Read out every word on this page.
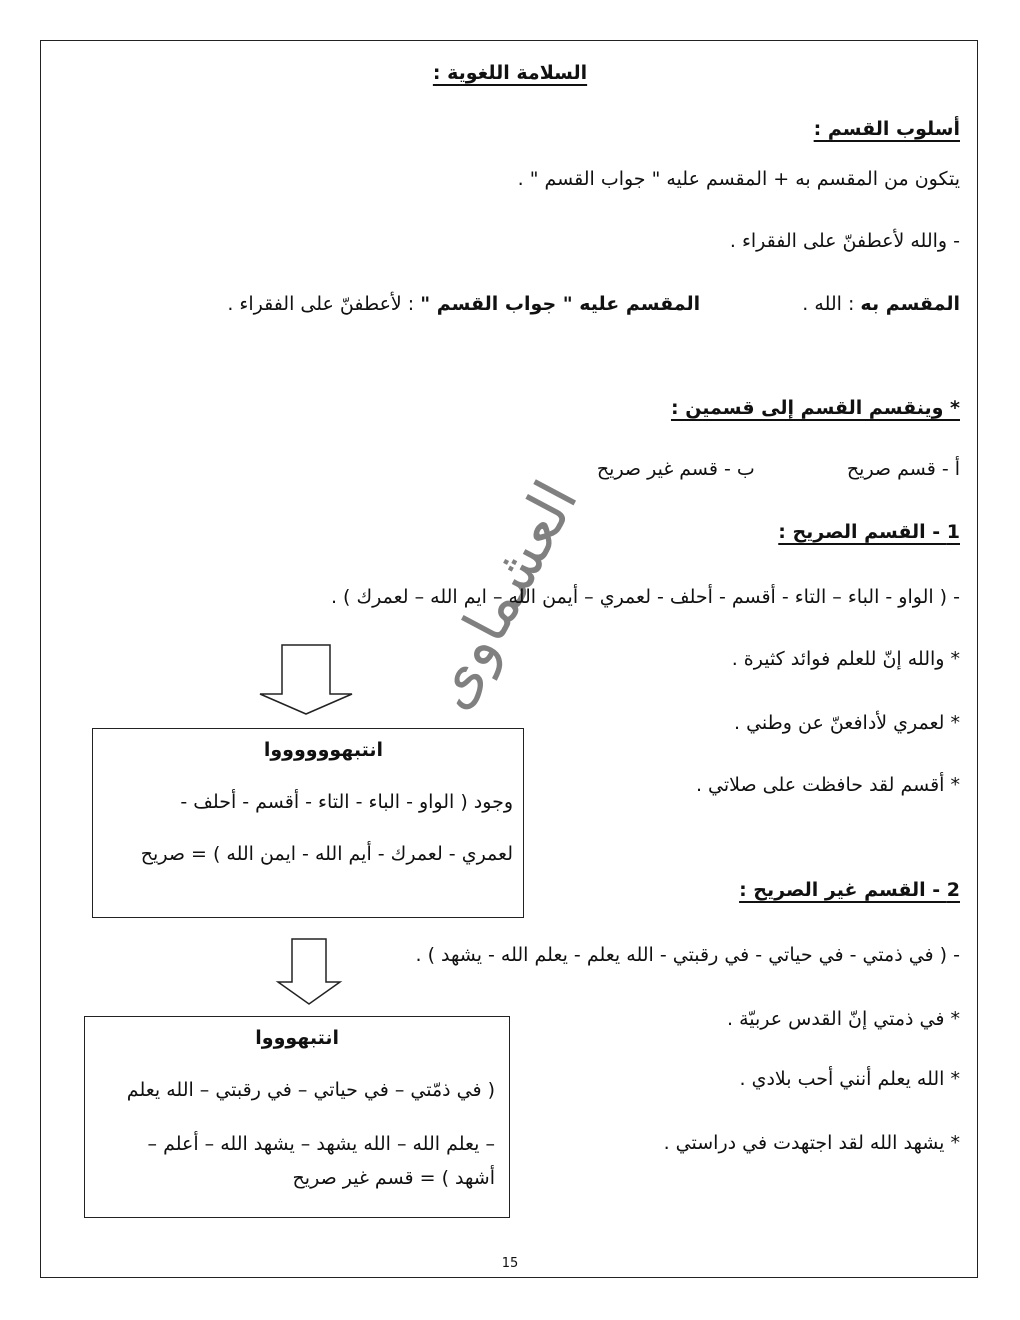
العشماوى
السلامة اللغوية :
أسلوب القسم :
يتكون من المقسم به + المقسم عليه " جواب القسم " .
- والله لأعطفنّ على الفقراء .
المقسم به : الله .  المقسم عليه " جواب القسم " : لأعطفنّ على الفقراء .
* وينقسم القسم إلى قسمين :
أ - قسم صريح  ب - قسم غير صريح
1 - القسم الصريح :
- ( الواو - الباء – التاء - أقسم - أحلف - لعمري – أيمن الله – ايم الله – لعمرك ) .
* والله إنّ للعلم فوائد كثيرة .
* لعمري لأدافعنّ عن وطني .
* أقسم لقد حافظت على صلاتي .
انتبهووووووا
وجود ( الواو - الباء - التاء - أقسم - أحلف -
لعمري - لعمرك - أيم الله - ايمن الله ) = صريح
2 - القسم غير الصريح :
- ( في ذمتي - في حياتي - في رقبتي - الله يعلم - يعلم الله - يشهد ) .
* في ذمتي إنّ القدس عربيّة .
* الله يعلم أنني أحب بلادي .
* يشهد الله لقد اجتهدت في دراستي .
انتبهوووا
( في ذمّتي – في حياتي – في رقبتي – الله يعلم
– يعلم الله – الله يشهد – يشهد الله – أعلم –
أشهد ) = قسم غير صريح
15
